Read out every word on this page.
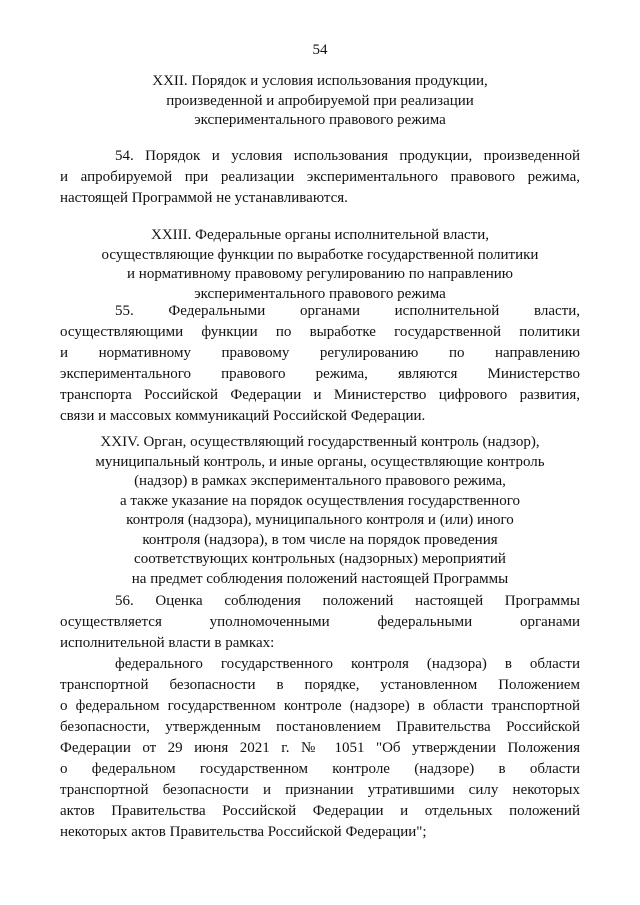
54
XXII. Порядок и условия использования продукции,
произведенной и апробируемой при реализации
экспериментального правового режима
54. Порядок и условия использования продукции, произведенной
и апробируемой при реализации экспериментального правового режима,
настоящей Программой не устанавливаются.
XXIII. Федеральные органы исполнительной власти,
осуществляющие функции по выработке государственной политики
и нормативному правовому регулированию по направлению
экспериментального правового режима
55. Федеральными органами исполнительной власти,
осуществляющими функции по выработке государственной политики
и нормативному правовому регулированию по направлению
экспериментального правового режима, являются Министерство
транспорта Российской Федерации и Министерство цифрового развития,
связи и массовых коммуникаций Российской Федерации.
XXIV. Орган, осуществляющий государственный контроль (надзор),
муниципальный контроль, и иные органы, осуществляющие контроль
(надзор) в рамках экспериментального правового режима,
а также указание на порядок осуществления государственного
контроля (надзора), муниципального контроля и (или) иного
контроля (надзора), в том числе на порядок проведения
соответствующих контрольных (надзорных) мероприятий
на предмет соблюдения положений настоящей Программы
56. Оценка соблюдения положений настоящей Программы
осуществляется уполномоченными федеральными органами
исполнительной власти в рамках:
федерального государственного контроля (надзора) в области
транспортной безопасности в порядке, установленном Положением
о федеральном государственном контроле (надзоре) в области транспортной
безопасности, утвержденным постановлением Правительства Российской
Федерации от 29 июня 2021 г. № 1051 "Об утверждении Положения
о федеральном государственном контроле (надзоре) в области
транспортной безопасности и признании утратившими силу некоторых
актов Правительства Российской Федерации и отдельных положений
некоторых актов Правительства Российской Федерации";
